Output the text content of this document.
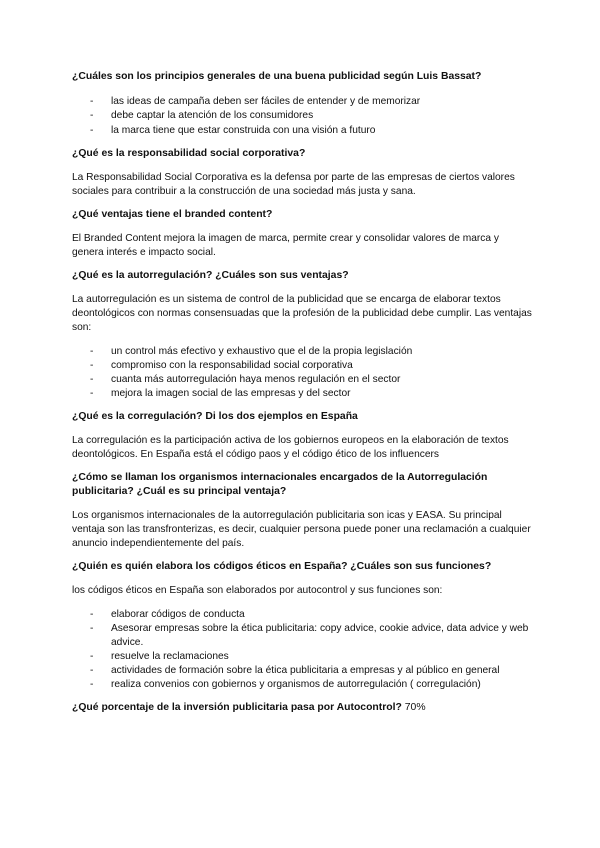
¿Cuáles son los principios generales de una buena publicidad según Luis Bassat?

- las ideas de campaña deben ser fáciles de entender y de memorizar
- debe captar la atención de los consumidores
- la marca tiene que estar construida con una visión a futuro

¿Qué es la responsabilidad social corporativa?

La Responsabilidad Social Corporativa es la defensa por parte de las empresas de ciertos valores sociales para contribuir a la construcción de una sociedad más justa y sana.

¿Qué ventajas tiene el branded content?

El Branded Content mejora la imagen de marca, permite crear y consolidar valores de marca y genera interés e impacto social.

¿Qué es la autorregulación? ¿Cuáles son sus ventajas?

La autorregulación es un sistema de control de la publicidad que se encarga de elaborar textos deontológicos con normas consensuadas que la profesión de la publicidad debe cumplir. Las ventajas son:

- un control más efectivo y exhaustivo que el de la propia legislación
- compromiso con la responsabilidad social corporativa
- cuanta más autorregulación haya menos regulación en el sector
- mejora la imagen social de las empresas y del sector

¿Qué es la corregulación? Di los dos ejemplos en España

La corregulación es la participación activa de los gobiernos europeos en la elaboración de textos deontológicos. En España está el código paos y el código ético de los influencers

¿Cómo se llaman los organismos internacionales encargados de la Autorregulación publicitaria? ¿Cuál es su principal ventaja?

Los organismos internacionales de la autorregulación publicitaria son icas y EASA. Su principal ventaja son las transfronterizas, es decir, cualquier persona puede poner una reclamación a cualquier anuncio independientemente del país.

¿Quién es quién elabora los códigos éticos en España? ¿Cuáles son sus funciones?

los códigos éticos en España son elaborados por autocontrol y sus funciones son:

- elaborar códigos de conducta
- Asesorar empresas sobre la ética publicitaria: copy advice, cookie advice, data advice y web advice.
- resuelve la reclamaciones
- actividades de formación sobre la ética publicitaria a empresas y al público en general
- realiza convenios con gobiernos y organismos de autorregulación ( corregulación)

¿Qué porcentaje de la inversión publicitaria pasa por Autocontrol? 70%
